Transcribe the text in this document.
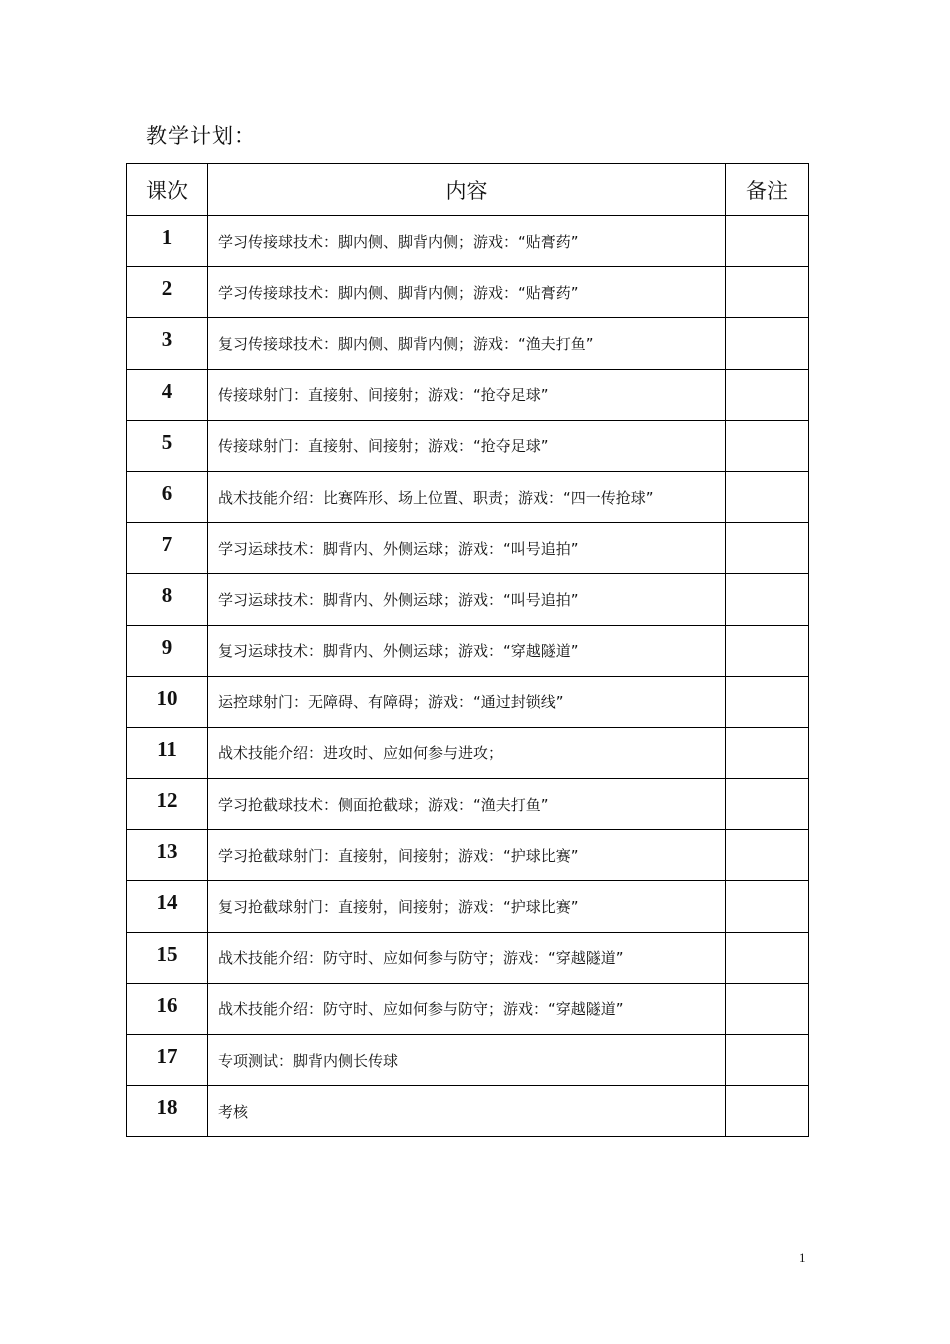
教学计划：
课次	内容	备注
1	学习传接球技术：脚内侧、脚背内侧；游戏：“贴膏药”	
2	学习传接球技术：脚内侧、脚背内侧；游戏：“贴膏药”	
3	复习传接球技术：脚内侧、脚背内侧；游戏：“渔夫打鱼”	
4	传接球射门：直接射、间接射；游戏：“抢夺足球”	
5	传接球射门：直接射、间接射；游戏：“抢夺足球”	
6	战术技能介绍：比赛阵形、场上位置、职责；游戏：“四一传抢球”	
7	学习运球技术：脚背内、外侧运球；游戏：“叫号追拍”	
8	学习运球技术：脚背内、外侧运球；游戏：“叫号追拍”	
9	复习运球技术：脚背内、外侧运球；游戏：“穿越隧道”	
10	运控球射门：无障碍、有障碍；游戏：“通过封锁线”	
11	战术技能介绍：进攻时、应如何参与进攻；	
12	学习抢截球技术：侧面抢截球；游戏：“渔夫打鱼”	
13	学习抢截球射门：直接射，间接射；游戏：“护球比赛”	
14	复习抢截球射门：直接射，间接射；游戏：“护球比赛”	
15	战术技能介绍：防守时、应如何参与防守；游戏：“穿越隧道”	
16	战术技能介绍：防守时、应如何参与防守；游戏：“穿越隧道”	
17	专项测试：脚背内侧长传球	
18	考核	
1
